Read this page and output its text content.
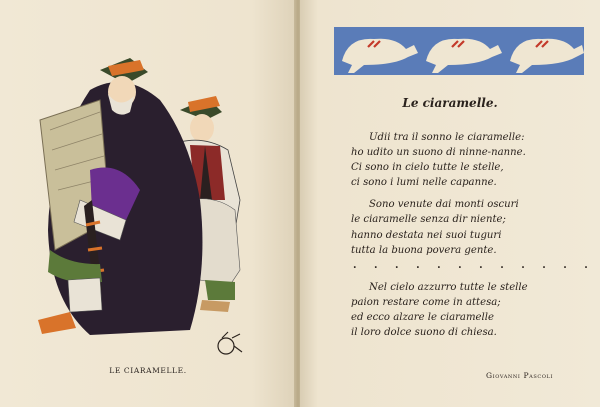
LE CIARAMELLE.
Le ciaramelle.
Udii tra il sonno le ciaramelle:
ho udito un suono di ninne-nanne.
Ci sono in cielo tutte le stelle,
ci sono i lumi nelle capanne.
Sono venute dai monti oscuri
le ciaramelle senza dir niente;
hanno destata nei suoi tuguri
tutta la buona povera gente.
. . . . . . . . . . . .
Nel cielo azzurro tutte le stelle
paion restare come in attesa;
ed ecco alzare le ciaramelle
il loro dolce suono di chiesa.
Giovanni Pascoli
